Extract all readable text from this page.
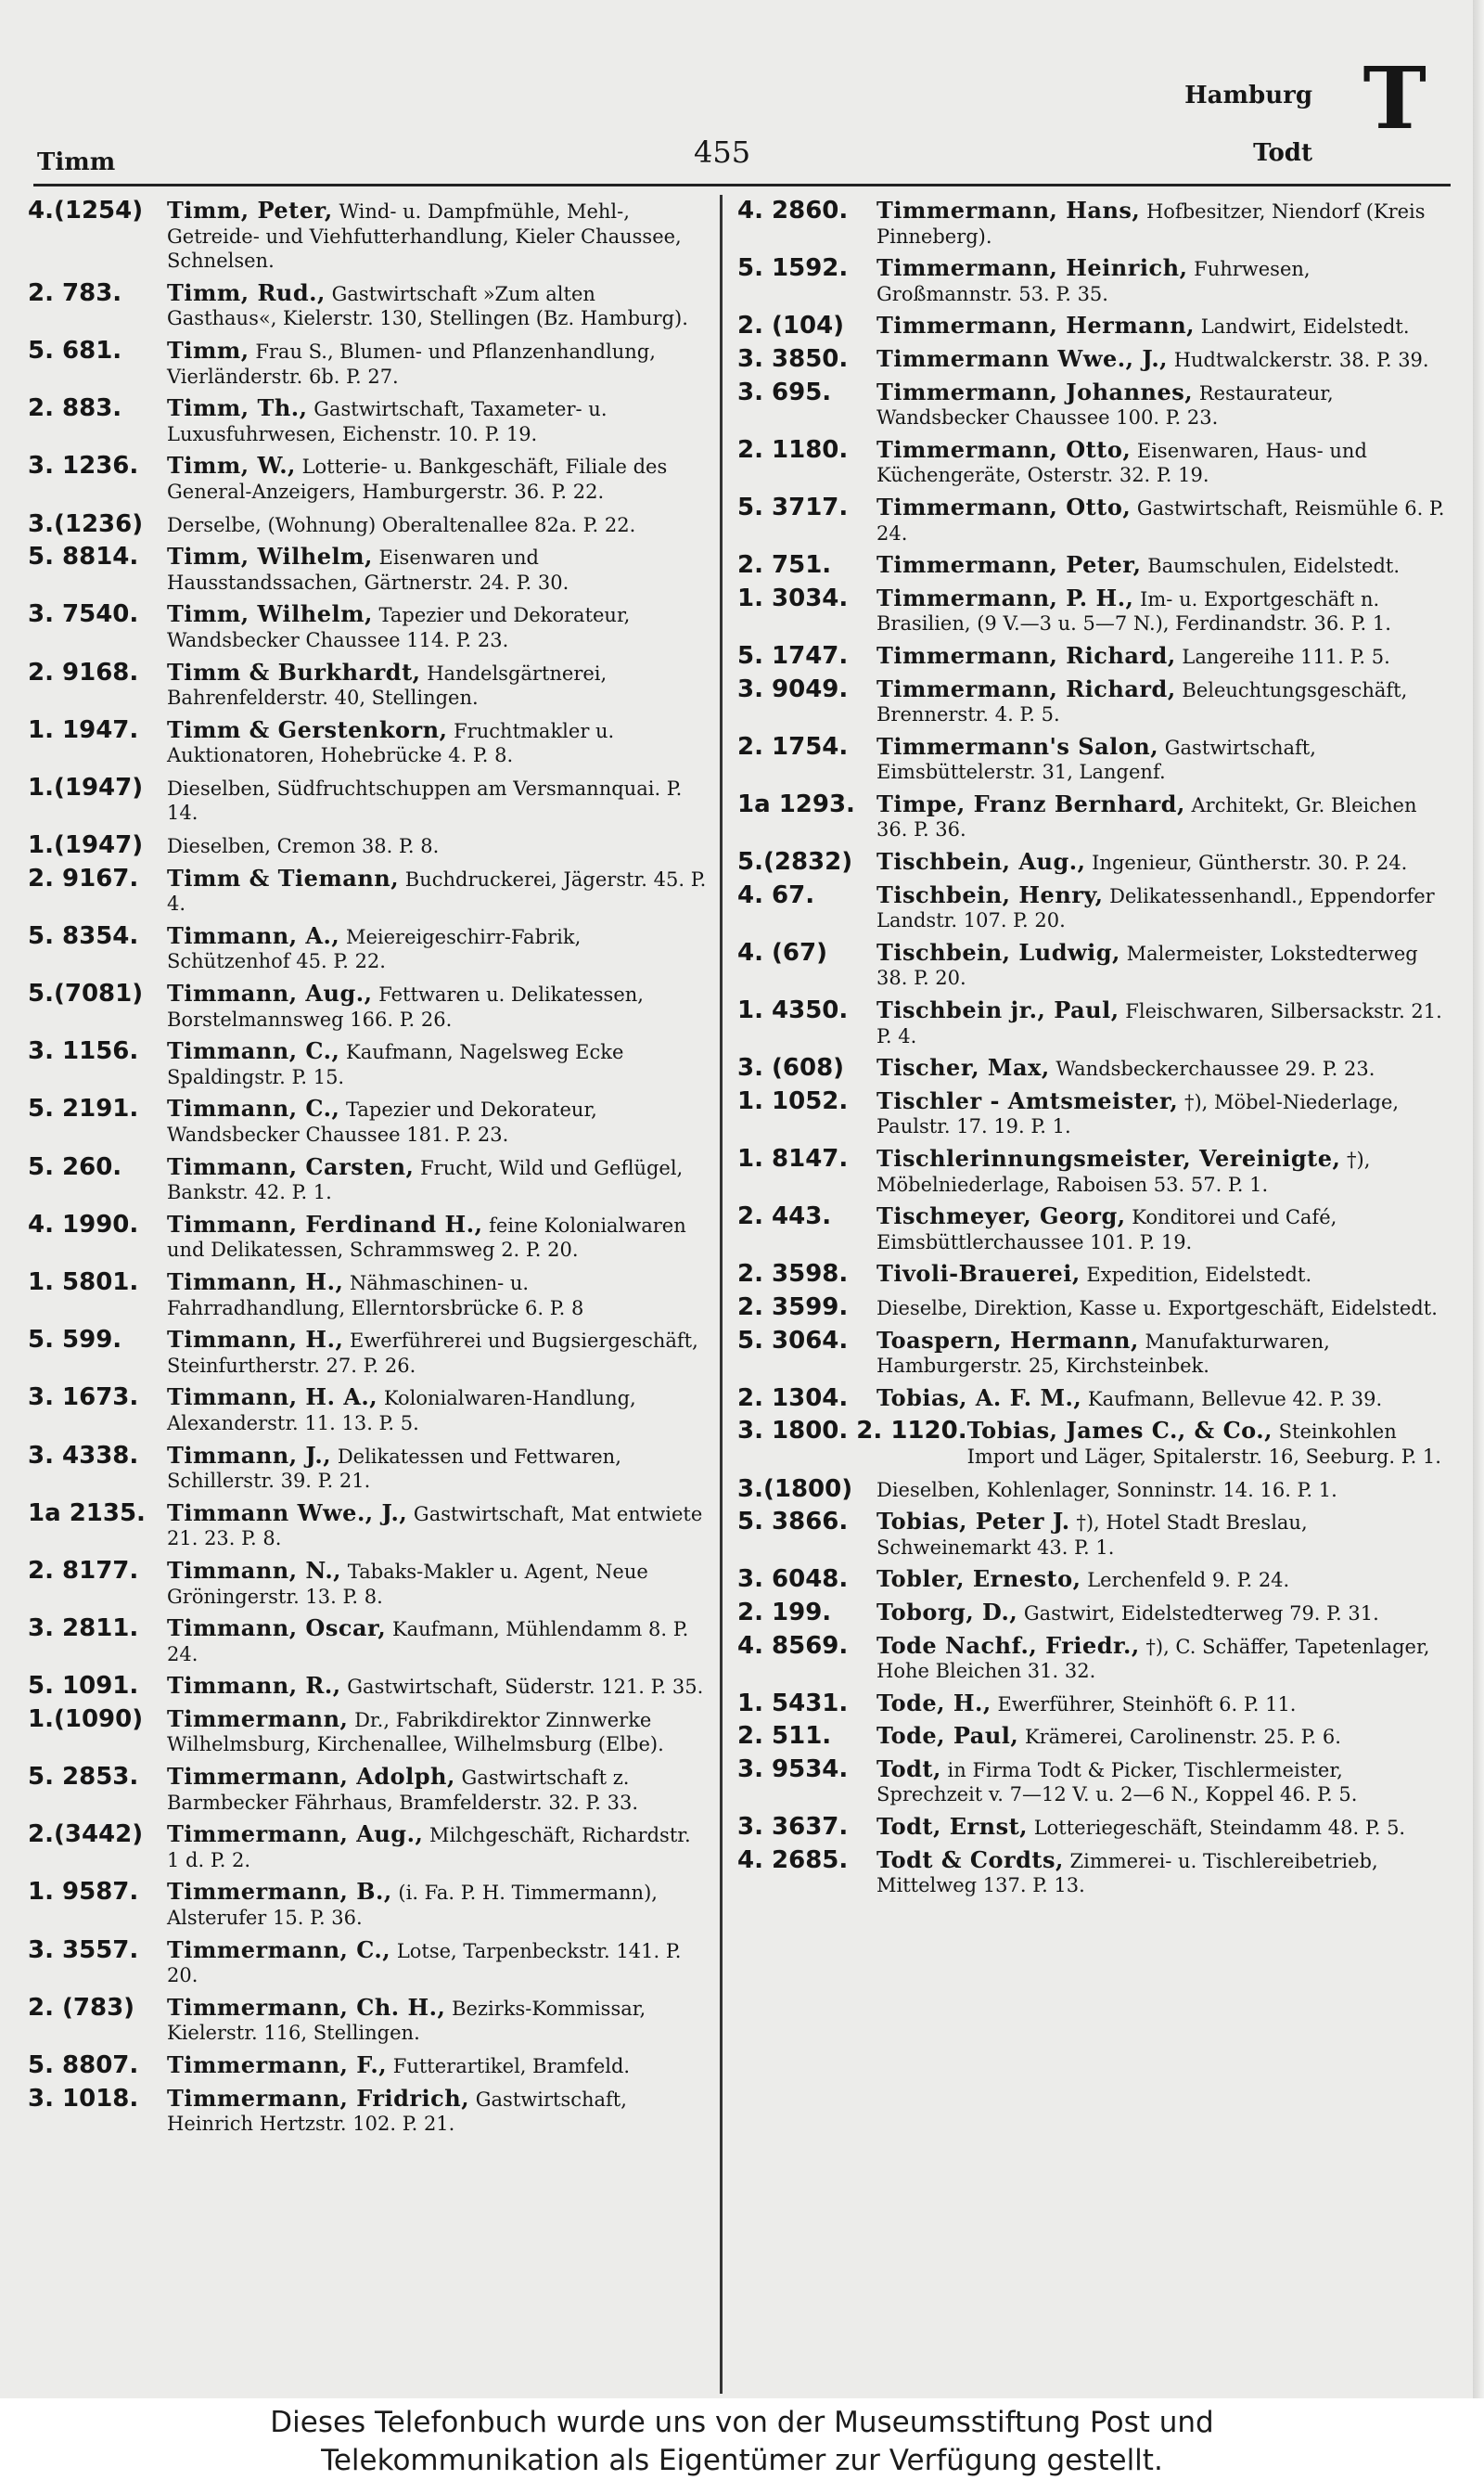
Timm	455
Hamburg
Todt
T
4.(1254)	Timm, Peter, Wind- u. Dampfmühle, Mehl-, Getreide- und Viehfutterhandlung, Kieler Chaussee, Schnelsen.
2. 783.	Timm, Rud., Gastwirtschaft »Zum alten Gasthaus«, Kielerstr. 130, Stellingen (Bz. Hamburg).
5. 681.	Timm, Frau S., Blumen- und Pflanzenhandlung, Vierländerstr. 6b. P. 27.
2. 883.	Timm, Th., Gastwirtschaft, Taxameter- u. Luxusfuhrwesen, Eichenstr. 10. P. 19.
3. 1236.	Timm, W., Lotterie- u. Bankgeschäft, Filiale des General-Anzeigers, Hamburgerstr. 36. P. 22.
3.(1236)	Derselbe, (Wohnung) Oberaltenallee 82a. P. 22.
5. 8814.	Timm, Wilhelm, Eisenwaren und Hausstandssachen, Gärtnerstr. 24. P. 30.
3. 7540.	Timm, Wilhelm, Tapezier und Dekorateur, Wandsbecker Chaussee 114. P. 23.
2. 9168.	Timm & Burkhardt, Handelsgärtnerei, Bahrenfelderstr. 40, Stellingen.
1. 1947.	Timm & Gerstenkorn, Fruchtmakler u. Auktionatoren, Hohebrücke 4. P. 8.
1.(1947)	Dieselben, Südfruchtschuppen am Versmannquai. P. 14.
1.(1947)	Dieselben, Cremon 38. P. 8.
2. 9167.	Timm & Tiemann, Buchdruckerei, Jägerstr. 45. P. 4.
5. 8354.	Timmann, A., Meiereigeschirr-Fabrik, Schützenhof 45. P. 22.
5.(7081)	Timmann, Aug., Fettwaren u. Delikatessen, Borstelmannsweg 166. P. 26.
3. 1156.	Timmann, C., Kaufmann, Nagelsweg Ecke Spaldingstr. P. 15.
5. 2191.	Timmann, C., Tapezier und Dekorateur, Wandsbecker Chaussee 181. P. 23.
5. 260.	Timmann, Carsten, Frucht, Wild und Geflügel, Bankstr. 42. P. 1.
4. 1990.	Timmann, Ferdinand H., feine Kolonialwaren und Delikatessen, Schrammsweg 2. P. 20.
1. 5801.	Timmann, H., Nähmaschinen- u. Fahrradhandlung, Ellerntorsbrücke 6. P. 8
5. 599.	Timmann, H., Ewerführerei und Bugsiergeschäft, Steinfurtherstr. 27. P. 26.
3. 1673.	Timmann, H. A., Kolonialwaren-Handlung, Alexanderstr. 11. 13. P. 5.
3. 4338.	Timmann, J., Delikatessen und Fettwaren, Schillerstr. 39. P. 21.
1a 2135. Timmann Wwe., J., Gastwirtschaft, Mat entwiete 21. 23. P. 8.
2. 8177.	Timmann, N., Tabaks-Makler u. Agent, Neue Gröningerstr. 13. P. 8.
3. 2811.	Timmann, Oscar, Kaufmann, Mühlendamm 8. P. 24.
5. 1091.	Timmann, R., Gastwirtschaft, Süderstr. 121. P. 35.
1.(1090)	Timmermann, Dr., Fabrikdirektor Zinnwerke Wilhelmsburg, Kirchenallee, Wilhelmsburg (Elbe).
5. 2853.	Timmermann, Adolph, Gastwirtschaft z. Barmbecker Fährhaus, Bramfelderstr. 32. P. 33.
2.(3442)	Timmermann, Aug., Milchgeschäft, Richardstr. 1 d. P. 2.
1. 9587.	Timmermann, B., (i. Fa. P. H. Timmermann), Alsterufer 15. P. 36.
3. 3557.	Timmermann, C., Lotse, Tarpenbeckstr. 141. P. 20.
2. (783)	Timmermann, Ch. H., Bezirks-Kommissar, Kielerstr. 116, Stellingen.
5. 8807.	Timmermann, F., Futterartikel, Bramfeld.
3. 1018.	Timmermann, Fridrich, Gastwirtschaft, Heinrich Hertzstr. 102. P. 21.
4. 2860.	Timmermann, Hans, Hofbesitzer, Niendorf (Kreis Pinneberg).
5. 1592.	Timmermann, Heinrich, Fuhrwesen, Großmannstr. 53. P. 35.
2. (104)	Timmermann, Hermann, Landwirt, Eidelstedt.
3. 3850.	Timmermann Wwe., J., Hudtwalckerstr. 38. P. 39.
3. 695.	Timmermann, Johannes, Restaurateur, Wandsbecker Chaussee 100. P. 23.
2. 1180.	Timmermann, Otto, Eisenwaren, Haus- und Küchengeräte, Osterstr. 32. P. 19.
5. 3717.	Timmermann, Otto, Gastwirtschaft, Reismühle 6. P. 24.
2. 751.	Timmermann, Peter, Baumschulen, Eidelstedt.
1. 3034.	Timmermann, P. H., Im- u. Exportgeschäft n. Brasilien, (9 V.—3 u. 5—7 N.), Ferdinandstr. 36. P. 1.
5. 1747.	Timmermann, Richard, Langereihe 111. P. 5.
3. 9049.	Timmermann, Richard, Beleuchtungsgeschäft, Brennerstr. 4. P. 5.
2. 1754.	Timmermann's Salon, Gastwirtschaft, Eimsbüttelerstr. 31, Langenf.
1a 1293. Timpe, Franz Bernhard, Architekt, Gr. Bleichen 36. P. 36.
5.(2832)	Tischbein, Aug., Ingenieur, Güntherstr. 30. P. 24.
4. 67.	Tischbein, Henry, Delikatessenhandl., Eppendorfer Landstr. 107. P. 20.
4. (67)	Tischbein, Ludwig, Malermeister, Lokstedterweg 38. P. 20.
1. 4350.	Tischbein jr., Paul, Fleischwaren, Silbersackstr. 21. P. 4.
3. (608)	Tischer, Max, Wandsbeckerchaussee 29. P. 23.
1. 1052.	Tischler - Amtsmeister, †), Möbel-Niederlage, Paulstr. 17. 19. P. 1.
1. 8147.	Tischlerinnungsmeister, Vereinigte, †), Möbelniederlage, Raboisen 53. 57. P. 1.
2. 443.	Tischmeyer, Georg, Konditorei und Café, Eimsbüttlerchaussee 101. P. 19.
2. 3598.	Tivoli-Brauerei, Expedition, Eidelstedt.
2. 3599.	Dieselbe, Direktion, Kasse u. Exportgeschäft, Eidelstedt.
5. 3064.	Toaspern, Hermann, Manufakturwaren, Hamburgerstr. 25, Kirchsteinbek.
2. 1304.	Tobias, A. F. M., Kaufmann, Bellevue 42. P. 39.
3. 1800. 2. 1120. Tobias, James C., & Co., Steinkohlen Import und Läger, Spitalerstr. 16, Seeburg. P. 1.
3.(1800)	Dieselben, Kohlenlager, Sonninstr. 14. 16. P. 1.
5. 3866.	Tobias, Peter J. †), Hotel Stadt Breslau, Schweinemarkt 43. P. 1.
3. 6048.	Tobler, Ernesto, Lerchenfeld 9. P. 24.
2. 199.	Toborg, D., Gastwirt, Eidelstedterweg 79. P. 31.
4. 8569.	Tode Nachf., Friedr., †), C. Schäffer, Tapetenlager, Hohe Bleichen 31. 32.
1. 5431.	Tode, H., Ewerführer, Steinhöft 6. P. 11.
2. 511.	Tode, Paul, Krämerei, Carolinenstr. 25. P. 6.
3. 9534.	Todt, in Firma Todt & Picker, Tischlermeister, Sprechzeit v. 7—12 V. u. 2—6 N., Koppel 46. P. 5.
3. 3637.	Todt, Ernst, Lotteriegeschäft, Steindamm 48. P. 5.
4. 2685.	Todt & Cordts, Zimmerei- u. Tischlereibetrieb, Mittelweg 137. P. 13.
Dieses Telefonbuch wurde uns von der Museumsstiftung Post und
Telekommunikation als Eigentümer zur Verfügung gestellt.
